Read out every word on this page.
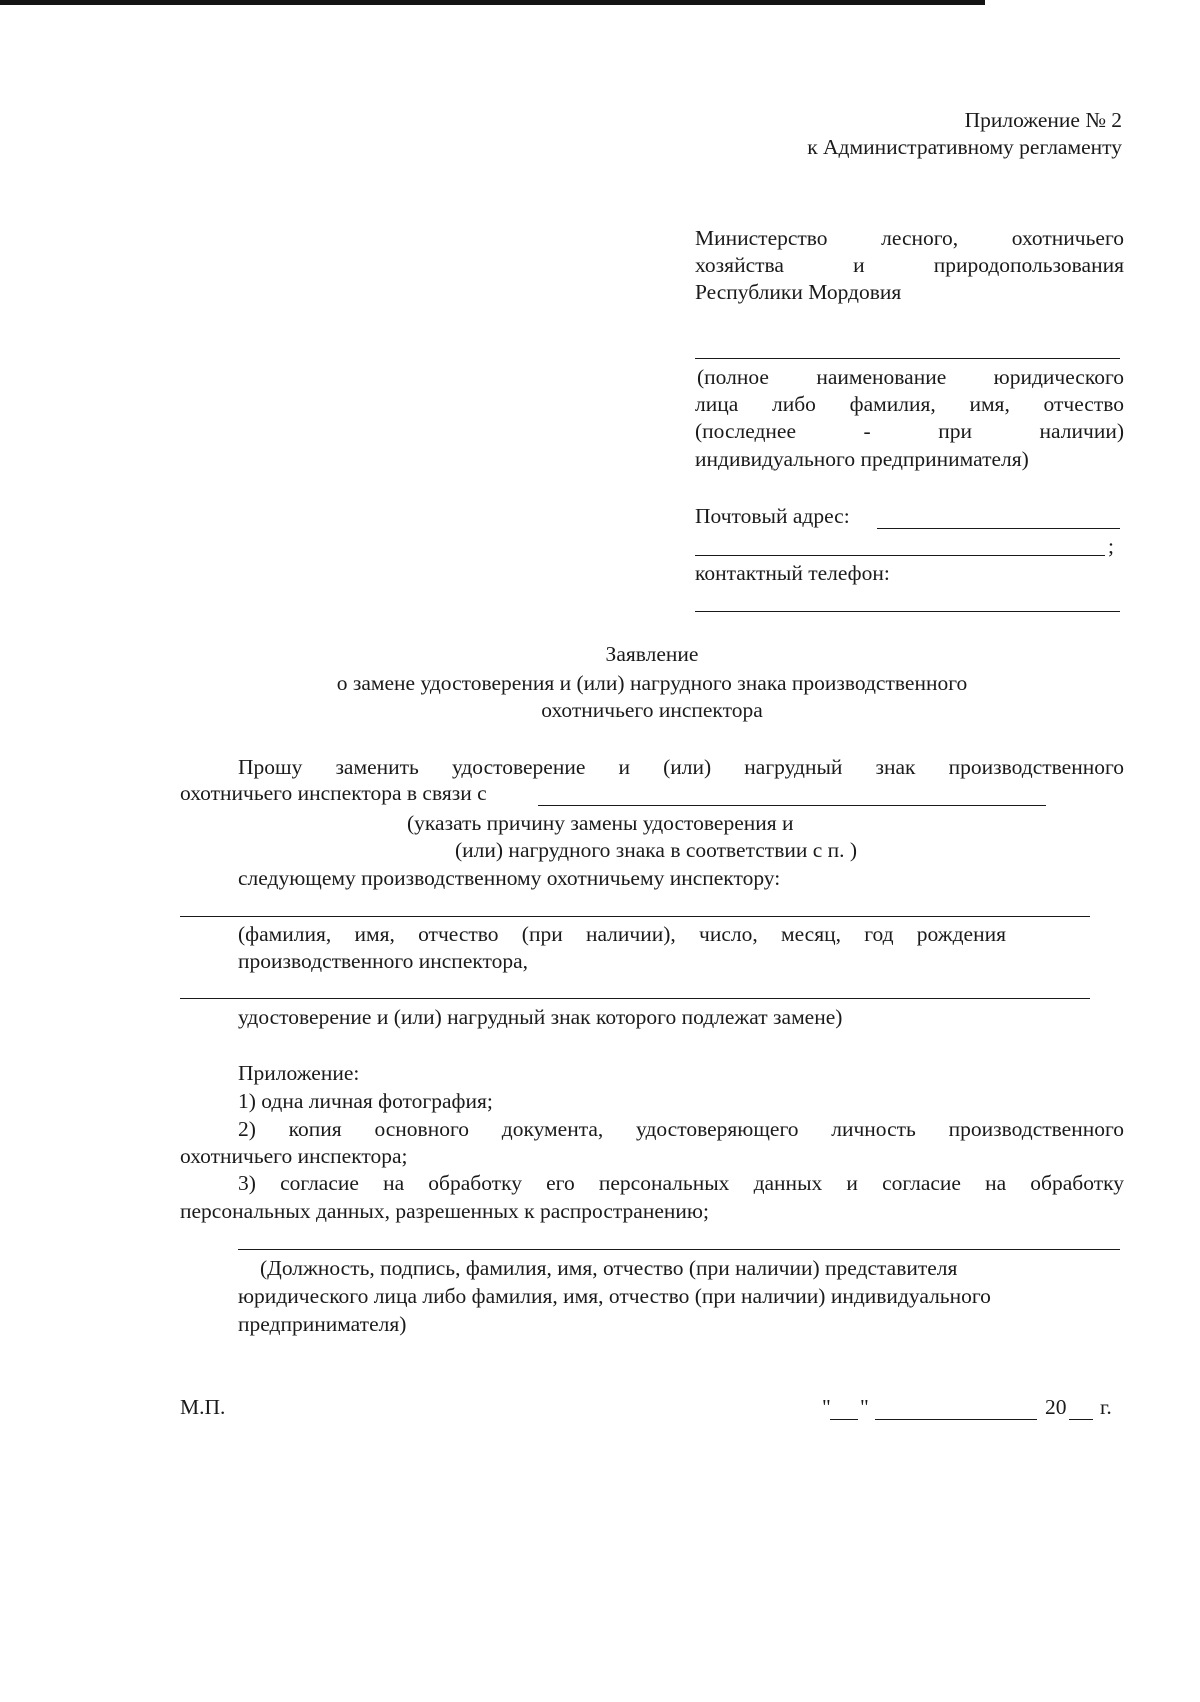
Приложение № 2
к Административному регламенту
Министерство лесного, охотничьего
хозяйства и природопользования
Республики Мордовия
(полное наименование юридического
лица либо фамилия, имя, отчество
(последнее - при наличии)
индивидуального предпринимателя)
Почтовый адрес:
;
контактный телефон:
Заявление
о замене удостоверения и (или) нагрудного знака производственного
охотничьего инспектора
Прошу заменить удостоверение и (или) нагрудный знак производственного
охотничьего инспектора в связи с
(указать причину замены удостоверения и
(или) нагрудного знака в соответствии с п. )
следующему производственному охотничьему инспектору:
(фамилия, имя, отчество (при наличии), число, месяц, год рождения
производственного инспектора,
удостоверение и (или) нагрудный знак которого подлежат замене)
Приложение:
1) одна личная фотография;
2) копия основного документа, удостоверяющего личность производственного
охотничьего инспектора;
3) согласие на обработку его персональных данных и согласие на обработку
персональных данных, разрешенных к распространению;
(Должность, подпись, фамилия, имя, отчество (при наличии) представителя
юридического лица либо фамилия, имя, отчество (при наличии) индивидуального
предпринимателя)
М.П.	" "	20 г.
